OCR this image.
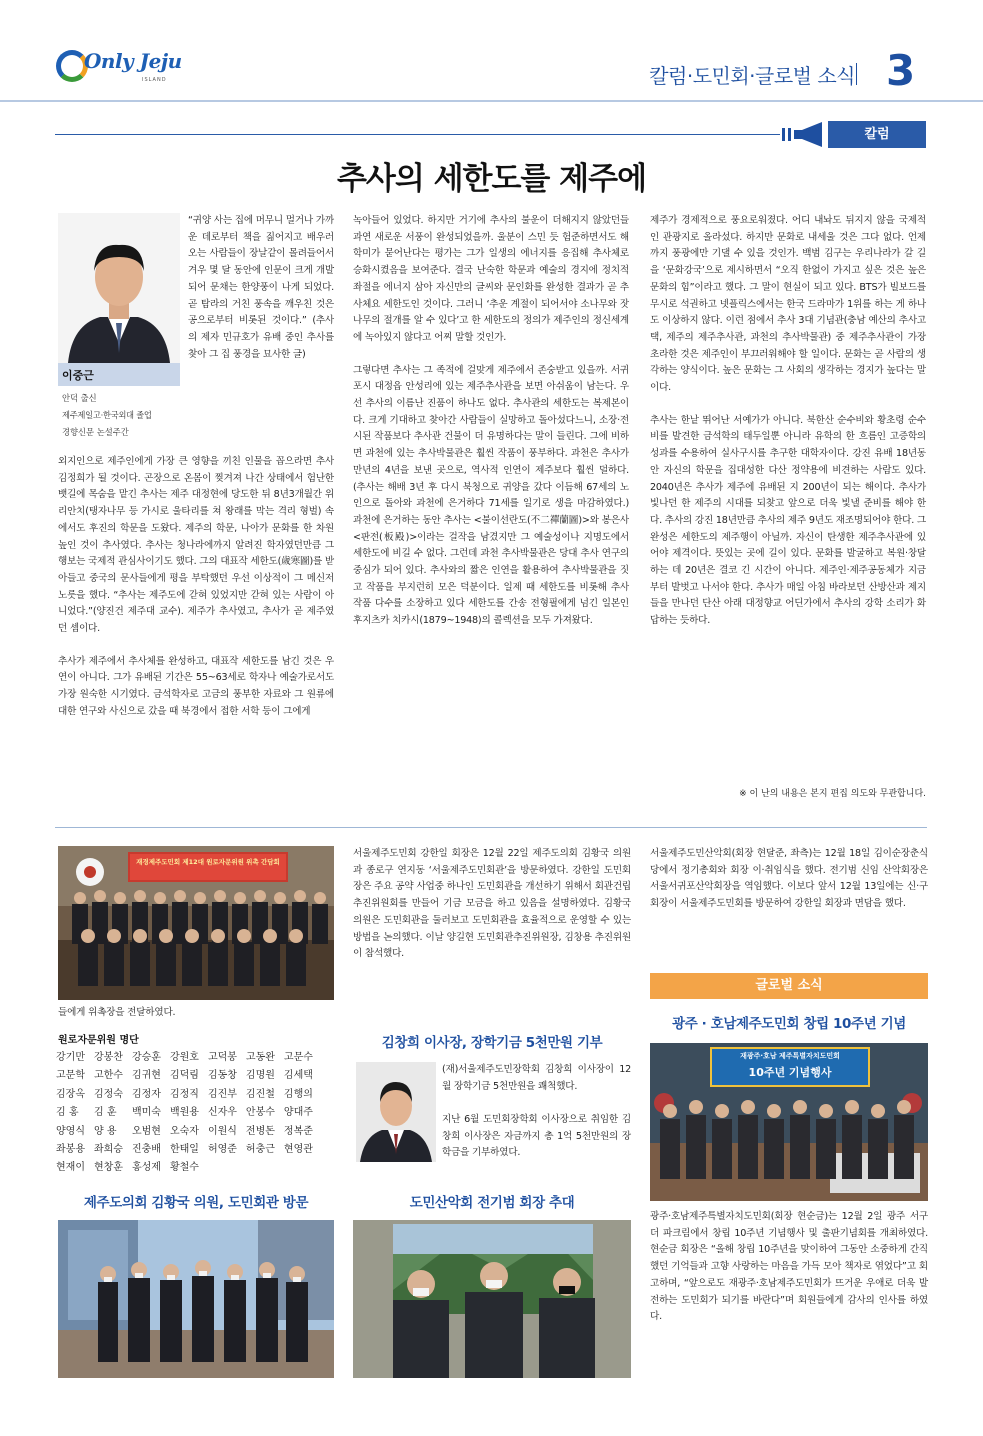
Only Jeju
ISLAND	칼럼·도민회·글로벌 소식 3
칼럼
추사의 세한도를 제주에
이중근
안덕 출신
제주제일고·한국외대 졸업
경향신문 논설주간
“귀양 사는 집에 머무니 멀거나 가까운 데로부터 책을 짊어지고 배우러 오는 사람들이 장날같이 몰려들어서 겨우 몇 달 동안에 인문이 크게 개발되어 문채는 한양풍이 나게 되었다. 곧 탐라의 거친 풍속을 깨우친 것은 공으로부터 비롯된 것이다.” (추사의 제자 민규호가 유배 중인 추사를 찾아 그 집 풍경을 묘사한 글)

외지인으로 제주인에게 가장 큰 영향을 끼친 인물을 꼽으라면 추사 김정희가 될 것이다. 곤장으로 온몸이 찢겨져 나간 상태에서 험난한 뱃길에 목숨을 맡긴 추사는 제주 대정현에 당도한 뒤 8년3개월간 위리안치(탱자나무 등 가시로 울타리를 쳐 왕래를 막는 격리 형벌) 속에서도 후진의 학문을 도왔다. 제주의 학문, 나아가 문화를 한 차원 높인 것이 추사였다. 추사는 청나라에까지 알려진 학자였던만큼 그 행보는 국제적 관심사이기도 했다. 그의 대표작 세한도(歲寒圖)를 받아들고 중국의 문사들에게 평을 부탁했던 우선 이상적이 그 메신저 노릇을 했다. “추사는 제주도에 갇혀 있었지만 갇혀 있는 사람이 아니었다.”(양진건 제주대 교수). 제주가 추사였고, 추사가 곧 제주였던 셈이다.

추사가 제주에서 추사체를 완성하고, 대표작 세한도를 남긴 것은 우연이 아니다. 그가 유배된 기간은 55~63세로 학자나 예술가로서도 가장 원숙한 시기였다. 금석학자로 고금의 풍부한 자료와 그 원류에 대한 연구와 사신으로 갔을 때 북경에서 접한 서학 등이 그에게

녹아들어 있었다. 하지만 거기에 추사의 불운이 더해지지 않았던들 과연 새로운 서풍이 완성되었을까. 울분이 스민 듯 험준하면서도 해학미가 묻어난다는 평가는 그가 일생의 에너지를 응집해 추사체로 승화시켰음을 보여준다. 결국 난숙한 학문과 예술의 경지에 정치적 좌절을 에너지 삼아 자신만의 글씨와 문인화를 완성한 결과가 곧 추사체요 세한도인 것이다. 그러니 ‘추운 계절이 되어서야 소나무와 잣나무의 절개를 알 수 있다’고 한 세한도의 정의가 제주인의 정신세계에 녹아있지 않다고 어찌 말할 것인가.

그렇다면 추사는 그 족적에 걸맞게 제주에서 존숭받고 있을까. 서귀포시 대정읍 안성리에 있는 제주추사관을 보면 아쉬움이 남는다. 우선 추사의 이름난 진품이 하나도 없다. 추사관의 세한도는 복제본이다. 크게 기대하고 찾아간 사람들이 실망하고 돌아섰다느니, 소장·전시된 작품보다 추사관 건물이 더 유명하다는 말이 들린다. 그에 비하면 과천에 있는 추사박물관은 훨씬 작품이 풍부하다. 과천은 추사가 만년의 4년을 보낸 곳으로, 역사적 인연이 제주보다 훨씬 덜하다. (추사는 해배 3년 후 다시 북청으로 귀양을 갔다 이듬해 67세의 노인으로 돌아와 과천에 은거하다 71세를 일기로 생을 마감하였다.) 과천에 은거하는 동안 추사는 <불이선란도(不二禪蘭圖)>와 봉은사 <판전(板殿)>이라는 걸작을 남겼지만 그 예술성이나 지명도에서 세한도에 비길 수 없다. 그런데 과천 추사박물관은 당대 추사 연구의 중심가 되어 있다. 추사와의 짧은 인연을 활용하여 추사박물관을 짓고 작품을 부지런히 모은 덕분이다. 일제 때 세한도를 비롯해 추사 작품 다수를 소장하고 있다 세한도를 간송 전형필에게 넘긴 일본인 후지츠카 치카시(1879~1948)의 콜렉션을 모두 가져왔다.

제주가 경제적으로 풍요로워졌다. 어디 내놔도 뒤지지 않을 국제적인 관광지로 올라섰다. 하지만 문화로 내세울 것은 그다 없다. 언제까지 풍광에만 기댈 수 있을 것인가. 백범 김구는 우리나라가 갈 길을 ‘문화강국’으로 제시하면서 “오직 한없이 가지고 싶은 것은 높은 문화의 힘”이라고 했다. 그 말이 현실이 되고 있다. BTS가 빌보드를 무시로 석권하고 넷플릭스에서는 한국 드라마가 1위를 하는 게 하나도 이상하지 않다. 이런 점에서 추사 3대 기념관(충남 예산의 추사고택, 제주의 제주추사관, 과천의 추사박물관) 중 제주추사관이 가장 초라한 것은 제주인이 부끄러워해야 할 일이다. 문화는 곧 사람의 생각하는 양식이다. 높은 문화는 그 사회의 생각하는 경지가 높다는 말이다.

추사는 한낱 뛰어난 서예가가 아니다. 북한산 순수비와 황초령 순수비를 발견한 금석학의 태두일뿐 아니라 유학의 한 흐름인 고증학의 성과를 수용하여 실사구시를 추구한 대학자이다. 강진 유배 18년동안 자신의 학문을 집대성한 다산 정약용에 비견하는 사람도 있다. 2040년은 추사가 제주에 유배된 지 200년이 되는 해이다. 추사가 빛나던 한 제주의 시대를 되찾고 앞으로 더욱 빛낼 준비를 해야 한다. 추사의 강진 18년만큼 추사의 제주 9년도 재조명되어야 한다. 그 완성은 세한도의 제주행이 아닐까. 자신이 탄생한 제주추사관에 있어야 제격이다. 뜻있는 곳에 길이 있다. 문화를 발굴하고 복원·창달하는 데 20년은 결코 긴 시간이 아니다. 제주인·제주공동체가 지금부터 발벗고 나서야 한다. 추사가 매일 아침 바라보던 산방산과 제지들을 만나던 단산 아래 대정향교 어딘가에서 추사의 강학 소리가 화답하는 듯하다.

※ 이 난의 내용은 본지 편집 의도와 무관합니다.
재경제주도민회 제12대 원로자문위원 위촉 간담회
들에게 위촉장을 전달하였다.
원로자문위원 명단
강기만	강봉찬	강승훈	강원호	고덕봉	고동완	고문수
고문학	고한수	김귀현	김덕림	김동창	김명원	김세택
김장옥	김정숙	김정자	김정직	김진부	김진철	김행의
김 홍	김 훈	백미숙	백원용	신자우	안봉수	양대주
양영식	양 용	오범현	오숙자	이원식	전병돈	정복준
좌봉용	좌희승	진충배	한태일	허영준	허충근	현영관
현재이	현창훈	홍성제	황철수			
제주도의회 김황국 의원, 도민회관 방문
서울제주도민회 강한일 회장은 12월 22일 제주도의회 김황국 의원과 종로구 연지동 ‘서울제주도민회관’을 방문하였다. 강한일 도민회장은 주요 공약 사업중 하나인 도민회관을 개선하기 위해서 회관건립추진위원회를 만들어 기금 모금을 하고 있음을 설명하였다. 김황국 의원은 도민회관을 둘러보고 도민회관을 효율적으로 운영할 수 있는 방법을 논의했다. 이날 양길현 도민회관추진위원장, 김창용 추진위원이 참석했다.
김창희 이사장, 장학기금 5천만원 기부
(재)서울제주도민장학회 김창희 이사장이 12월 장학기금 5천만원을 쾌척했다.
지난 6월 도민회장학회 이사장으로 취임한 김창희 이사장은 자금까지 총 1억 5천만원의 장학금을 기부하였다.
도민산악회 전기범 회장 추대
서울제주도민산악회(회장 현달준, 좌측)는 12월 18일 김이순장춘식당에서 정기총회와 회장 이·취임식을 했다. 전기범 신임 산악회장은 서울서귀포산악회장을 역임했다. 이보다 앞서 12월 13일에는 신·구회장이 서울제주도민회를 방문하여 강한일 회장과 면담을 했다.
글로벌 소식
광주 · 호남제주도민회 창립 10주년 기념
재광주·호남 제주특별자치도민회
10주년 기념행사
광주·호남제주특별자치도민회(회장 현순금)는 12월 2일 광주 서구 더 파크림에서 창립 10주년 기념행사 및 출판기념회를 개최하였다. 현순금 회장은 “올해 창립 10주년을 맞이하여 그동안 소중하게 간직했던 기억들과 고향 사랑하는 마음을 가득 모아 책자로 엮었다”고 회고하며, “앞으로도 재광주·호남제주도민회가 뜨거운 우애로 더욱 발전하는 도민회가 되기를 바란다”며 회원들에게 감사의 인사를 하였다.
